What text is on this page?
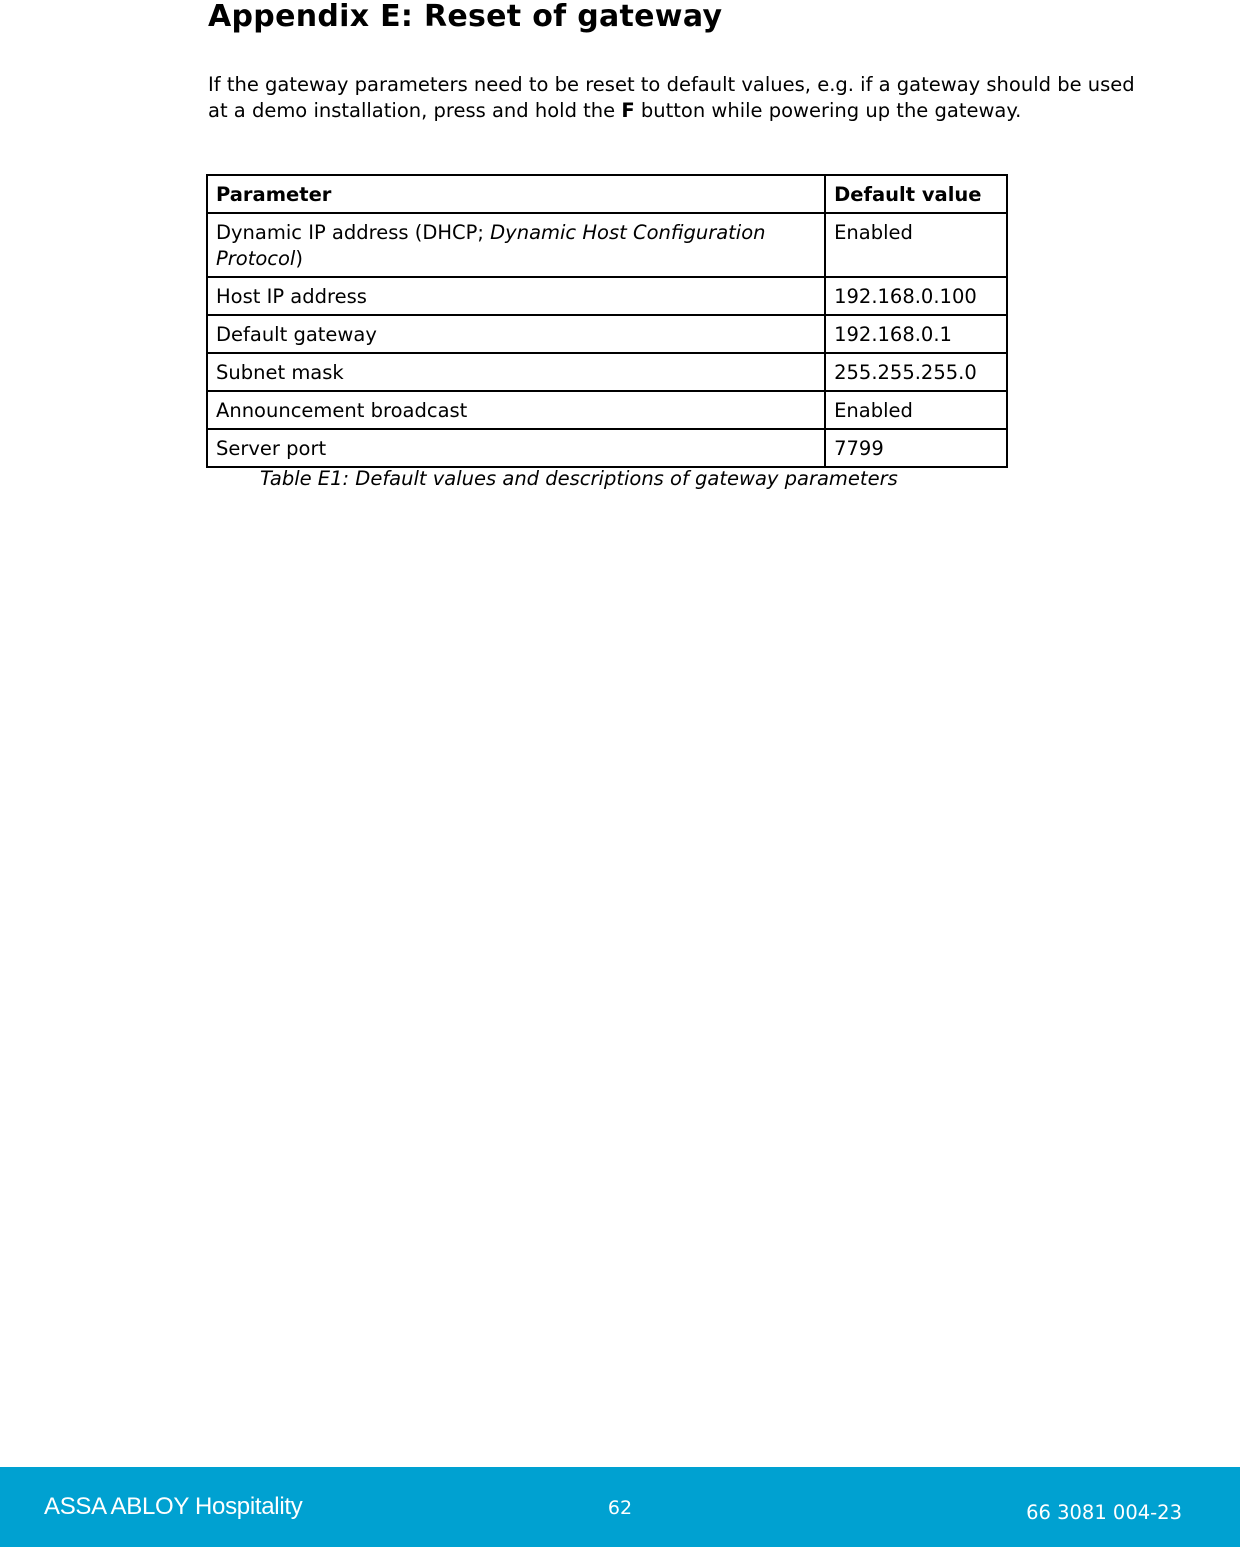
Appendix E: Reset of gateway

If the gateway parameters need to be reset to default values, e.g. if a gateway should be used at a demo installation, press and hold the F button while powering up the gateway.

Parameter	Default value
Dynamic IP address (DHCP; Dynamic Host Configuration Protocol)	Enabled
Host IP address	192.168.0.100
Default gateway	192.168.0.1
Subnet mask	255.255.255.0
Announcement broadcast	Enabled
Server port	7799

Table E1: Default values and descriptions of gateway parameters

ASSA ABLOY Hospitality	62	66 3081 004-23
